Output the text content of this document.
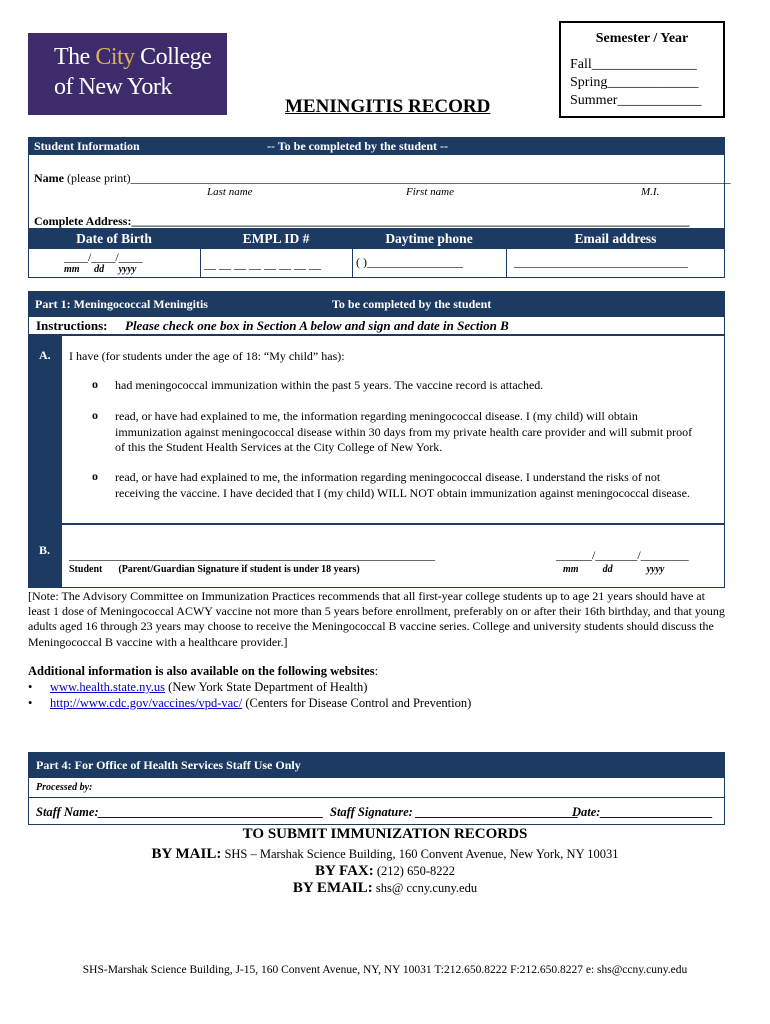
The City College
of New York
Semester / Year
Fall_______________
Spring_____________
Summer____________
MENINGITIS RECORD
Student Information	-- To be completed by the student --
Name (please print)____________________________________________________________________________________________________
Last name	First name	M.I.
Complete Address:_____________________________________________________________________________________________
Date of Birth	EMPL ID #	Daytime phone	Email address
____/____/____
mm dd yyyy	__ __ __ __ __ __ __ __	( )________________	_____________________________
Part 1: Meningococcal Meningitis	To be completed by the student
Instructions: Please check one box in Section A below and sign and date in Section B
A. I have (for students under the age of 18: “My child” has):
o had meningococcal immunization within the past 5 years. The vaccine record is attached.
o read, or have had explained to me, the information regarding meningococcal disease. I (my child) will obtain immunization against meningococcal disease within 30 days from my private health care provider and will submit proof of this the Student Health Services at the City College of New York.
o read, or have had explained to me, the information regarding meningococcal disease. I understand the risks of not receiving the vaccine. I have decided that I (my child) WILL NOT obtain immunization against meningococcal disease.
B. _____________________________________________________________
Student (Parent/Guardian Signature if student is under 18 years)
______/_______/________
mm dd	yyyy
[Note: The Advisory Committee on Immunization Practices recommends that all first-year college students up to age 21 years should have at least 1 dose of Meningococcal ACWY vaccine not more than 5 years before enrollment, preferably on or after their 16th birthday, and that young adults aged 16 through 23 years may choose to receive the Meningococcal B vaccine series. College and university students should discuss the Meningococcal B vaccine with a healthcare provider.]
Additional information is also available on the following websites:
• www.health.state.ny.us (New York State Department of Health)
• http://www.cdc.gov/vaccines/vpd-vac/ (Centers for Disease Control and Prevention)
Part 4: For Office of Health Services Staff Use Only
Processed by:
Staff Name:____________________________________ Staff Signature: __________________________
Date:__________________
TO SUBMIT IMMUNIZATION RECORDS
BY MAIL: SHS – Marshak Science Building, 160 Convent Avenue, New York, NY 10031
BY FAX: (212) 650-8222
BY EMAIL: shs@ ccny.cuny.edu
SHS-Marshak Science Building, J-15, 160 Convent Avenue, NY, NY 10031 T:212.650.8222 F:212.650.8227 e: shs@ccny.cuny.edu
